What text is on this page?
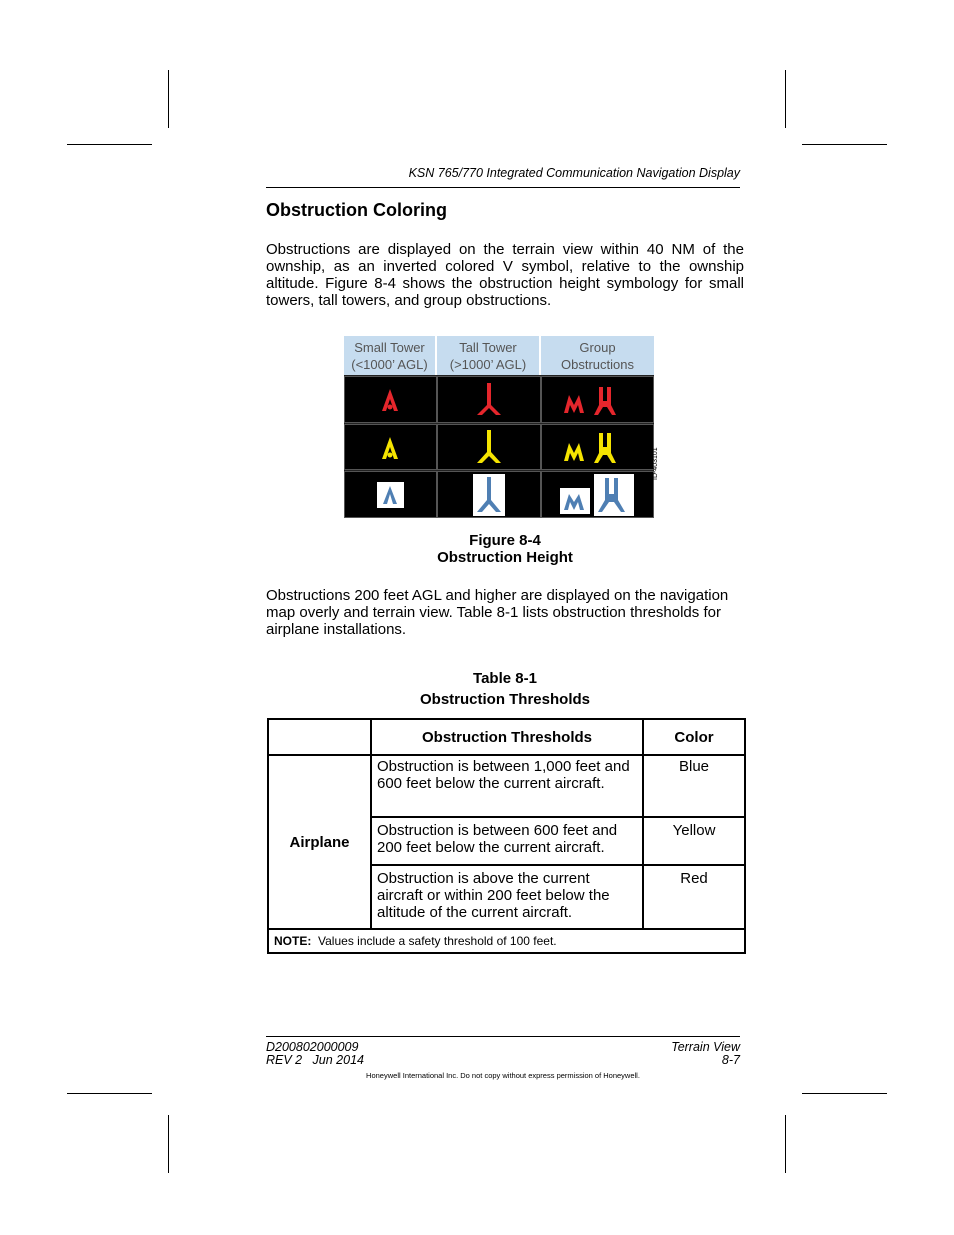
KSN 765/770 Integrated Communication Navigation Display
Obstruction Coloring

Obstructions are displayed on the terrain view within 40 NM of the ownship, as an inverted colored V symbol, relative to the ownship altitude. Figure 8-4 shows the obstruction height symbology for small towers, tall towers, and group obstructions.

Small Tower
(<1000’ AGL)
Tall Tower
(>1000’ AGL)
Group
Obstructions
ID-403101
Figure 8-4
Obstruction Height

Obstructions 200 feet AGL and higher are displayed on the navigation map overly and terrain view. Table 8-1 lists obstruction thresholds for airplane installations.

Table 8-1
Obstruction Thresholds
	Obstruction Thresholds	Color
Airplane	Obstruction is between 1,000 feet and 600 feet below the current aircraft.	Blue
	Obstruction is between 600 feet and 200 feet below the current aircraft.	Yellow
	Obstruction is above the current aircraft or within 200 feet below the altitude of the current aircraft.	Red
NOTE: Values include a safety threshold of 100 feet.		
D200802000009
REV 2   Jun 2014
Terrain View
8-7
Honeywell International Inc. Do not copy without express permission of Honeywell.
